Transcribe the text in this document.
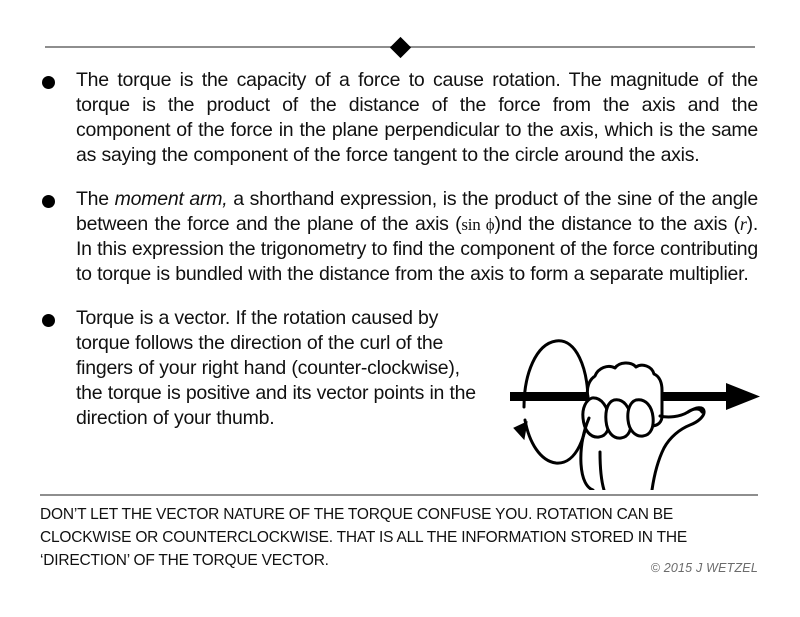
The torque is the capacity of a force to cause rotation. The magnitude of the torque is the product of the distance of the force from the axis and the component of the force in the plane perpendicular to the axis, which is the same as saying the component of the force tangent to the circle around the axis.
The moment arm, a shorthand expression, is the product of the sine of the angle between the force and the plane of the axis (sin ϕ)nd the distance to the axis (r). In this expression the trigonometry to find the component of the force contributing to torque is bundled with the distance from the axis to form a separate multiplier.
Torque is a vector. If the rotation caused by torque follows the direction of the curl of the fingers of your right hand (counter-clockwise), the torque is positive and its vector points in the direction of your thumb.
DON’T LET THE VECTOR NATURE OF THE TORQUE CONFUSE YOU. ROTATION CAN BE CLOCKWISE OR COUNTERCLOCKWISE. THAT IS ALL THE INFORMATION STORED IN THE ‘DIRECTION’ OF THE TORQUE VECTOR.	© 2015 J WETZEL
